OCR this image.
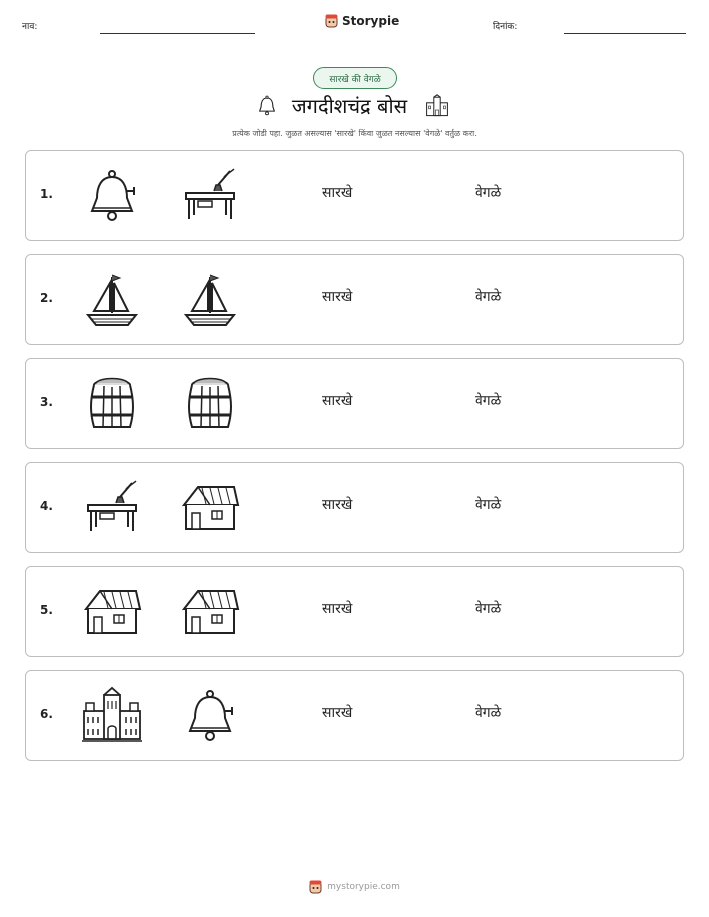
नाव:	Storypie	दिनांक:
सारखे की वेगळे
जगदीशचंद्र बोस
प्रत्येक जोडी पहा. जुळत असल्यास 'सारखे' किंवा जुळत नसल्यास 'वेगळे' वर्तुळ करा.
1.	सारखे	वेगळे
2.	सारखे	वेगळे
3.	सारखे	वेगळे
4.	सारखे	वेगळे
5.	सारखे	वेगळे
6.	सारखे	वेगळे
mystorypie.com
